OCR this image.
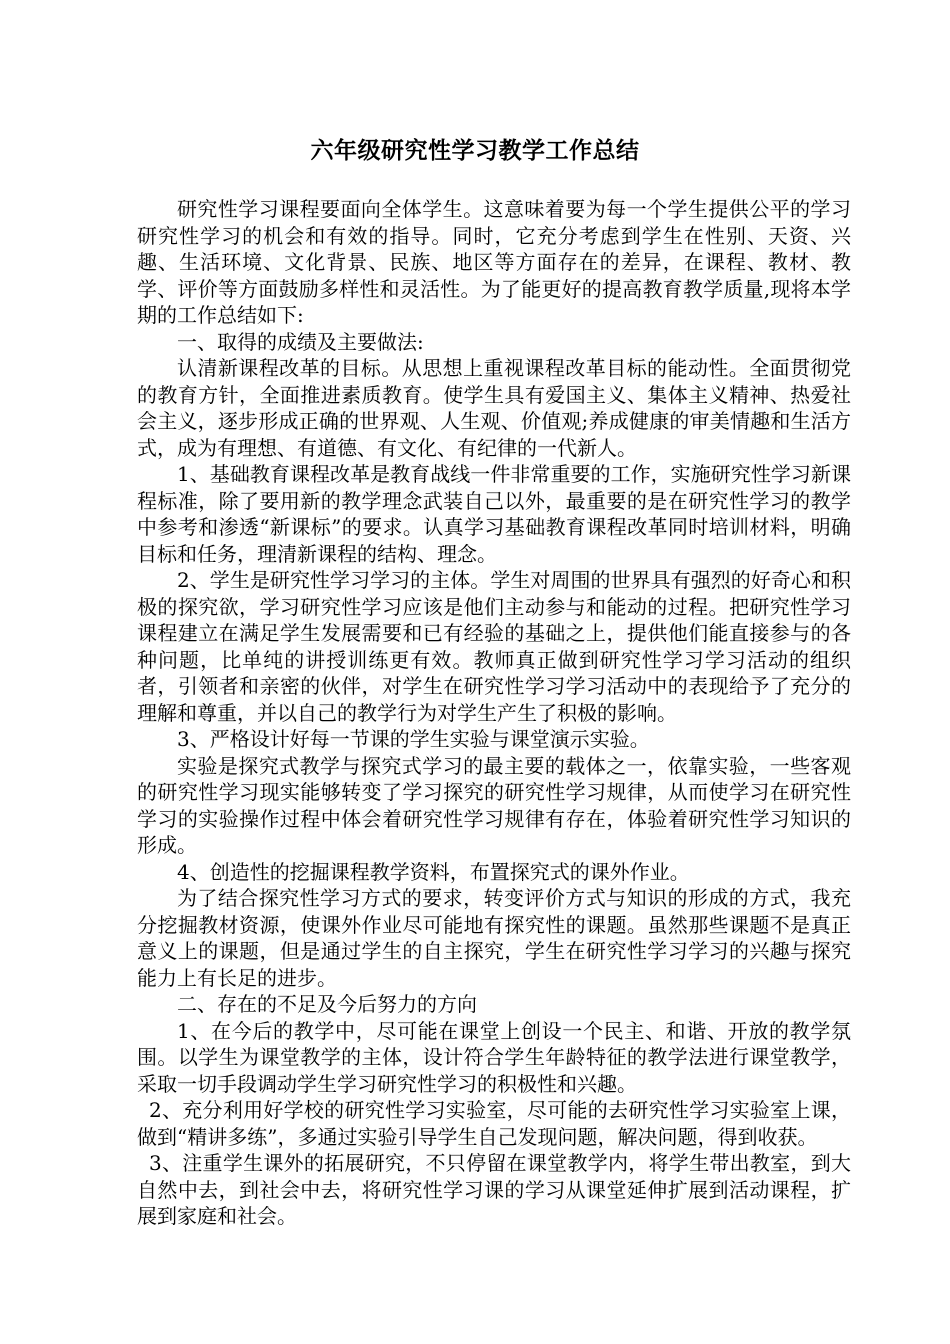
六年级研究性学习教学工作总结

研究性学习课程要面向全体学生。这意味着要为每一个学生提供公平的学习研究性学习的机会和有效的指导。同时，它充分考虑到学生在性别、天资、兴趣、生活环境、文化背景、民族、地区等方面存在的差异，在课程、教材、教学、评价等方面鼓励多样性和灵活性。为了能更好的提高教育教学质量,现将本学期的工作总结如下:

一、取得的成绩及主要做法:

认清新课程改革的目标。从思想上重视课程改革目标的能动性。全面贯彻党的教育方针，全面推进素质教育。使学生具有爱国主义、集体主义精神、热爱社会主义，逐步形成正确的世界观、人生观、价值观;养成健康的审美情趣和生活方式，成为有理想、有道德、有文化、有纪律的一代新人。

1、基础教育课程改革是教育战线一件非常重要的工作，实施研究性学习新课程标准，除了要用新的教学理念武装自己以外，最重要的是在研究性学习的教学中参考和渗透“新课标”的要求。认真学习基础教育课程改革同时培训材料，明确目标和任务，理清新课程的结构、理念。

2、学生是研究性学习学习的主体。学生对周围的世界具有强烈的好奇心和积极的探究欲，学习研究性学习应该是他们主动参与和能动的过程。把研究性学习课程建立在满足学生发展需要和已有经验的基础之上，提供他们能直接参与的各种问题，比单纯的讲授训练更有效。教师真正做到研究性学习学习活动的组织者，引领者和亲密的伙伴，对学生在研究性学习学习活动中的表现给予了充分的理解和尊重，并以自己的教学行为对学生产生了积极的影响。

3、严格设计好每一节课的学生实验与课堂演示实验。

实验是探究式教学与探究式学习的最主要的载体之一，依靠实验，一些客观的研究性学习现实能够转变了学习探究的研究性学习规律，从而使学习在研究性学习的实验操作过程中体会着研究性学习规律有存在，体验着研究性学习知识的形成。

4、创造性的挖掘课程教学资料，布置探究式的课外作业。

为了结合探究性学习方式的要求，转变评价方式与知识的形成的方式，我充分挖掘教材资源，使课外作业尽可能地有探究性的课题。虽然那些课题不是真正意义上的课题，但是通过学生的自主探究，学生在研究性学习学习的兴趣与探究能力上有长足的进步。

二、存在的不足及今后努力的方向

1、在今后的教学中，尽可能在课堂上创设一个民主、和谐、开放的教学氛围。以学生为课堂教学的主体，设计符合学生年龄特征的教学法进行课堂教学，采取一切手段调动学生学习研究性学习的积极性和兴趣。

2、充分利用好学校的研究性学习实验室，尽可能的去研究性学习实验室上课，做到“精讲多练”，多通过实验引导学生自己发现问题，解决问题，得到收获。

3、注重学生课外的拓展研究，不只停留在课堂教学内，将学生带出教室，到大自然中去，到社会中去，将研究性学习课的学习从课堂延伸扩展到活动课程，扩展到家庭和社会。
